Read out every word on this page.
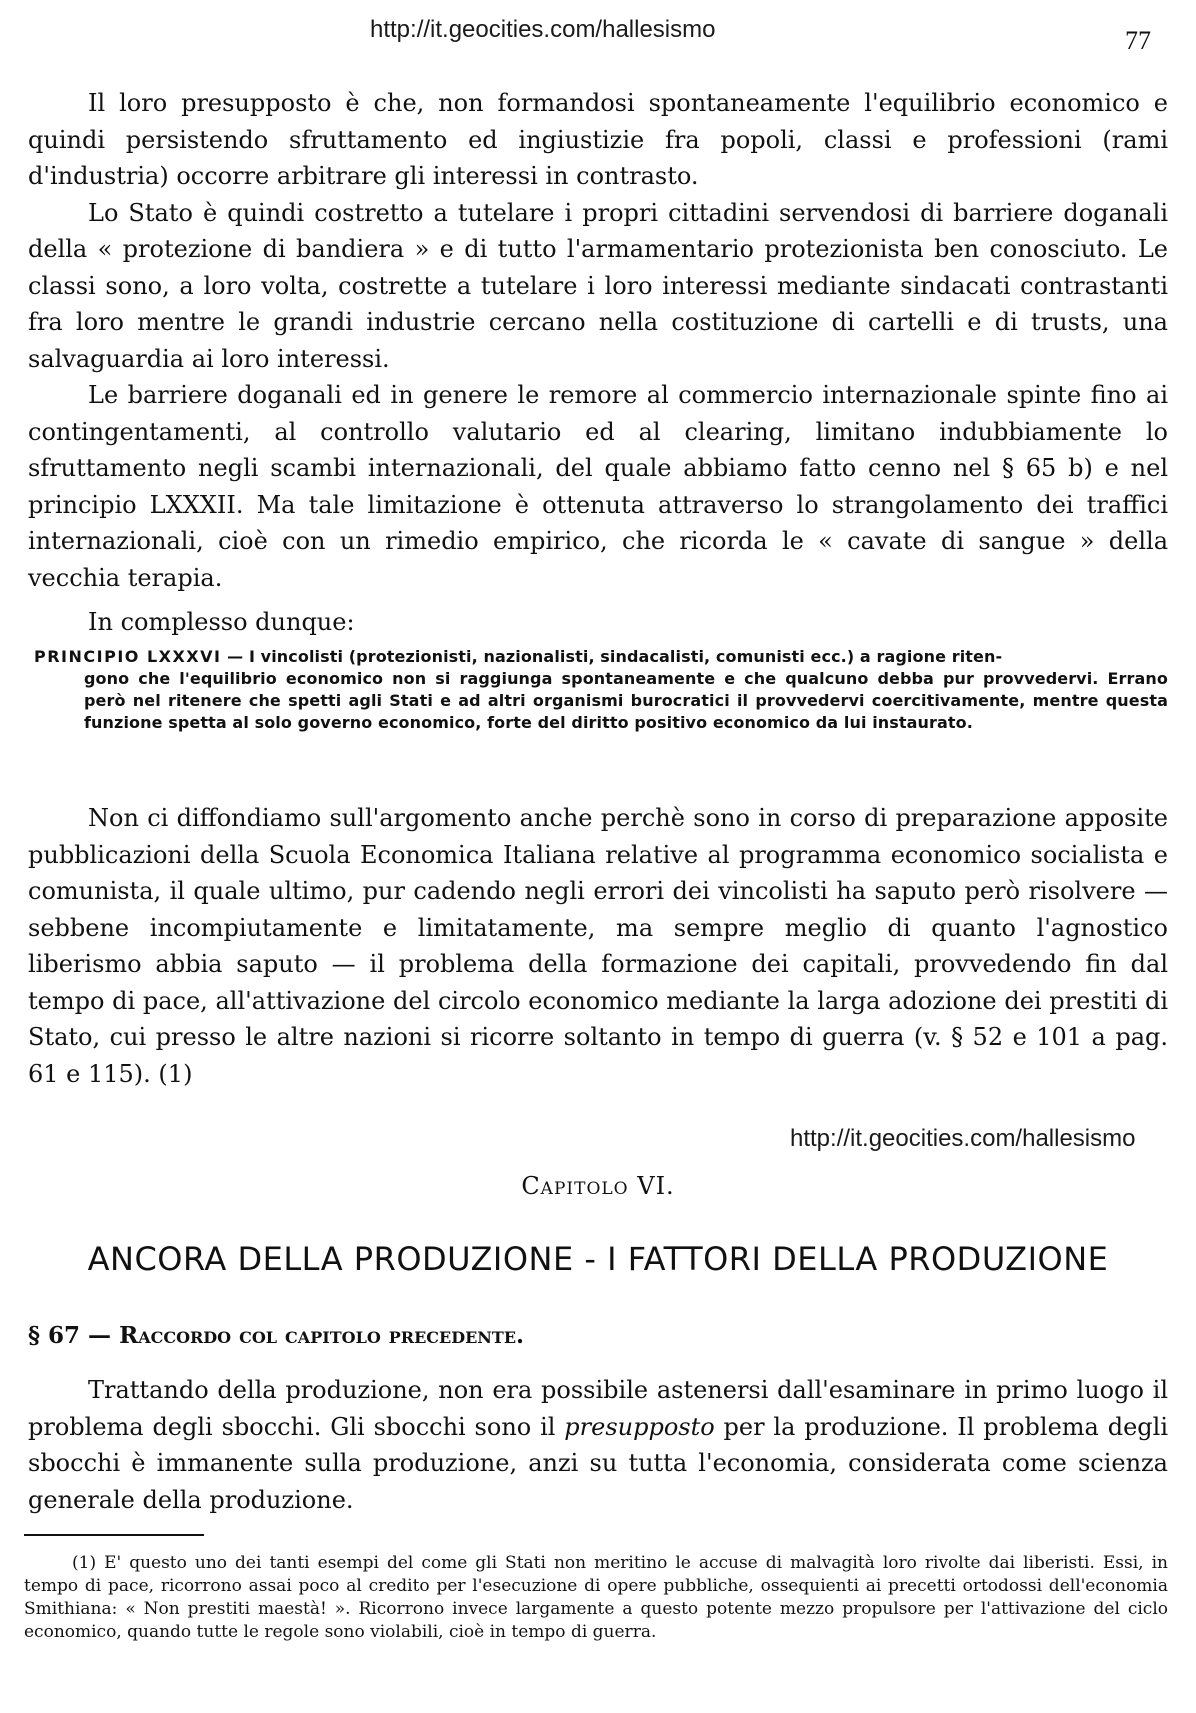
http://it.geocities.com/hallesismo	77

Il loro presupposto è che, non formandosi spontaneamente l'equilibrio economico e quindi persistendo sfruttamento ed ingiustizie fra popoli, classi e professioni (rami d'industria) occorre arbitrare gli interessi in contrasto.

Lo Stato è quindi costretto a tutelare i propri cittadini servendosi di barriere doganali della « protezione di bandiera » e di tutto l'armamentario protezionista ben conosciuto. Le classi sono, a loro volta, costrette a tutelare i loro interessi mediante sindacati contrastanti fra loro mentre le grandi industrie cercano nella costituzione di cartelli e di trusts, una salvaguardia ai loro interessi.

Le barriere doganali ed in genere le remore al commercio internazionale spinte fino ai contingentamenti, al controllo valutario ed al clearing, limitano indubbiamente lo sfruttamento negli scambi internazionali, del quale abbiamo fatto cenno nel § 65 b) e nel principio LXXXII. Ma tale limitazione è ottenuta attraverso lo strangolamento dei traffici internazionali, cioè con un rimedio empirico, che ricorda le « cavate di sangue » della vecchia terapia.

In complesso dunque:

PRINCIPIO LXXXVI — I vincolisti (protezionisti, nazionalisti, sindacalisti, comunisti ecc.) a ragione riten-
gono che l'equilibrio economico non si raggiunga spontaneamente e che qualcuno debba pur provvedervi. Errano però nel ritenere che spetti agli Stati e ad altri organismi burocratici il provvedervi coercitivamente, mentre questa funzione spetta al solo governo economico, forte del diritto positivo economico da lui instaurato.

Non ci diffondiamo sull'argomento anche perchè sono in corso di preparazione apposite pubblicazioni della Scuola Economica Italiana relative al programma economico socialista e comunista, il quale ultimo, pur cadendo negli errori dei vincolisti ha saputo però risolvere — sebbene incompiutamente e limitatamente, ma sempre meglio di quanto l'agnostico liberismo abbia saputo — il problema della formazione dei capitali, provvedendo fin dal tempo di pace, all'attivazione del circolo economico mediante la larga adozione dei prestiti di Stato, cui presso le altre nazioni si ricorre soltanto in tempo di guerra (v. § 52 e 101 a pag. 61 e 115). (1)

http://it.geocities.com/hallesismo
Capitolo VI.
ANCORA DELLA PRODUZIONE - I FATTORI DELLA PRODUZIONE
§ 67 — Raccordo col capitolo precedente.

Trattando della produzione, non era possibile astenersi dall'esaminare in primo luogo il problema degli sbocchi. Gli sbocchi sono il presupposto per la produzione. Il problema degli sbocchi è immanente sulla produzione, anzi su tutta l'economia, considerata come scienza generale della produzione.

(1) E' questo uno dei tanti esempi del come gli Stati non meritino le accuse di malvagità loro rivolte dai liberisti. Essi, in tempo di pace, ricorrono assai poco al credito per l'esecuzione di opere pubbliche, ossequienti ai precetti ortodossi dell'economia Smithiana: « Non prestiti maestà! ». Ricorrono invece largamente a questo potente mezzo propulsore per l'attivazione del ciclo economico, quando tutte le regole sono violabili, cioè in tempo di guerra.
